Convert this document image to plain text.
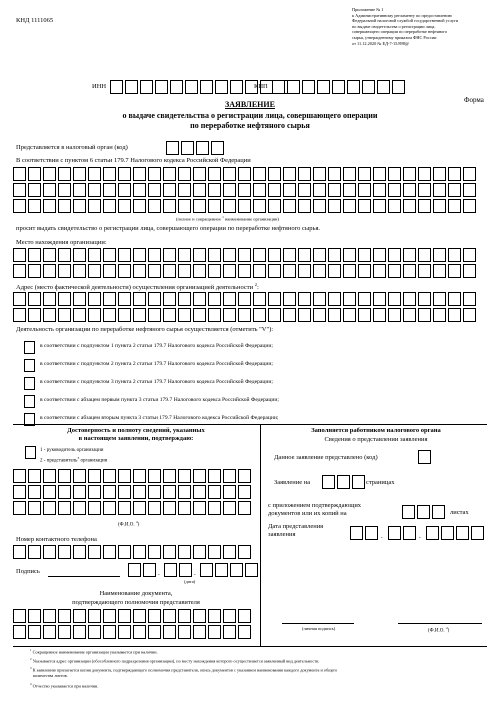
КНД 1111065
Приложение № 1
к Административному регламенту по предоставлению
Федеральной налоговой службой государственной услуги
по выдаче свидетельства о регистрации лица,
совершающего операции по переработке нефтяного
сырья, утвержденному приказом ФНС России
от 11.12.2020 № ЕД-7-15/898@
Форма
ИНН	КПП
ЗАЯВЛЕНИЕ
о выдаче свидетельства о регистрации лица, совершающего операции
по переработке нефтяного сырья
Представляется в налоговый орган (код)
В соответствии с пунктом 6 статьи 179.7 Налогового кодекса Российской Федерации
(полное и сокращенное $^1$ наименование организации)
просит выдать свидетельство о регистрации лица, совершающего операции по переработке нефтяного сырья.
Место нахождения организации:
Адрес (место фактической деятельности) осуществления организацией деятельности $^2$:
Деятельность организации по переработке нефтяного сырья осуществляется (отметить "V"):
в соответствии с подпунктом 1 пункта 2 статьи 179.7 Налогового кодекса Российской Федерации;
в соответствии с подпунктом 2 пункта 2 статьи 179.7 Налогового кодекса Российской Федерации;
в соответствии с подпунктом 3 пункта 2 статьи 179.7 Налогового кодекса Российской Федерации;
в соответствии с абзацем первым пункта 3 статьи 179.7 Налогового кодекса Российской Федерации;
в соответствии с абзацем вторым пункта 3 статьи 179.7 Налогового кодекса Российской Федерации;
Достоверность и полноту сведений, указанных
в настоящем заявлении, подтверждаю:
1 - руководитель организации
2 - представитель$^3$ организации
(Ф.И.О. $^4$)
Номер контактного телефона
Подпись	.	.
(дата)
Наименование документа,
подтверждающего полномочия представителя
Заполняется работником налогового органа
Сведения о представлении заявления
Данное заявление представлено (код)
Заявление на	страницах
с приложением подтверждающих
документов или их копий на	листах
Дата представления
заявления	.	.
(личная подпись)
(Ф.И.О. $^4$)
$^1$ Сокращенное наименование организации указывается при наличии.
$^2$ Указывается адрес организации (обособленного подразделения организации), по месту нахождения которого осуществляется заявленный вид деятельности.
$^3$ К заявлению прилагается копия документа, подтверждающего полномочия представителя, опись документов с указанием наименования каждого документа и общего
количества листов.
$^4$ Отчество указывается при наличии.
